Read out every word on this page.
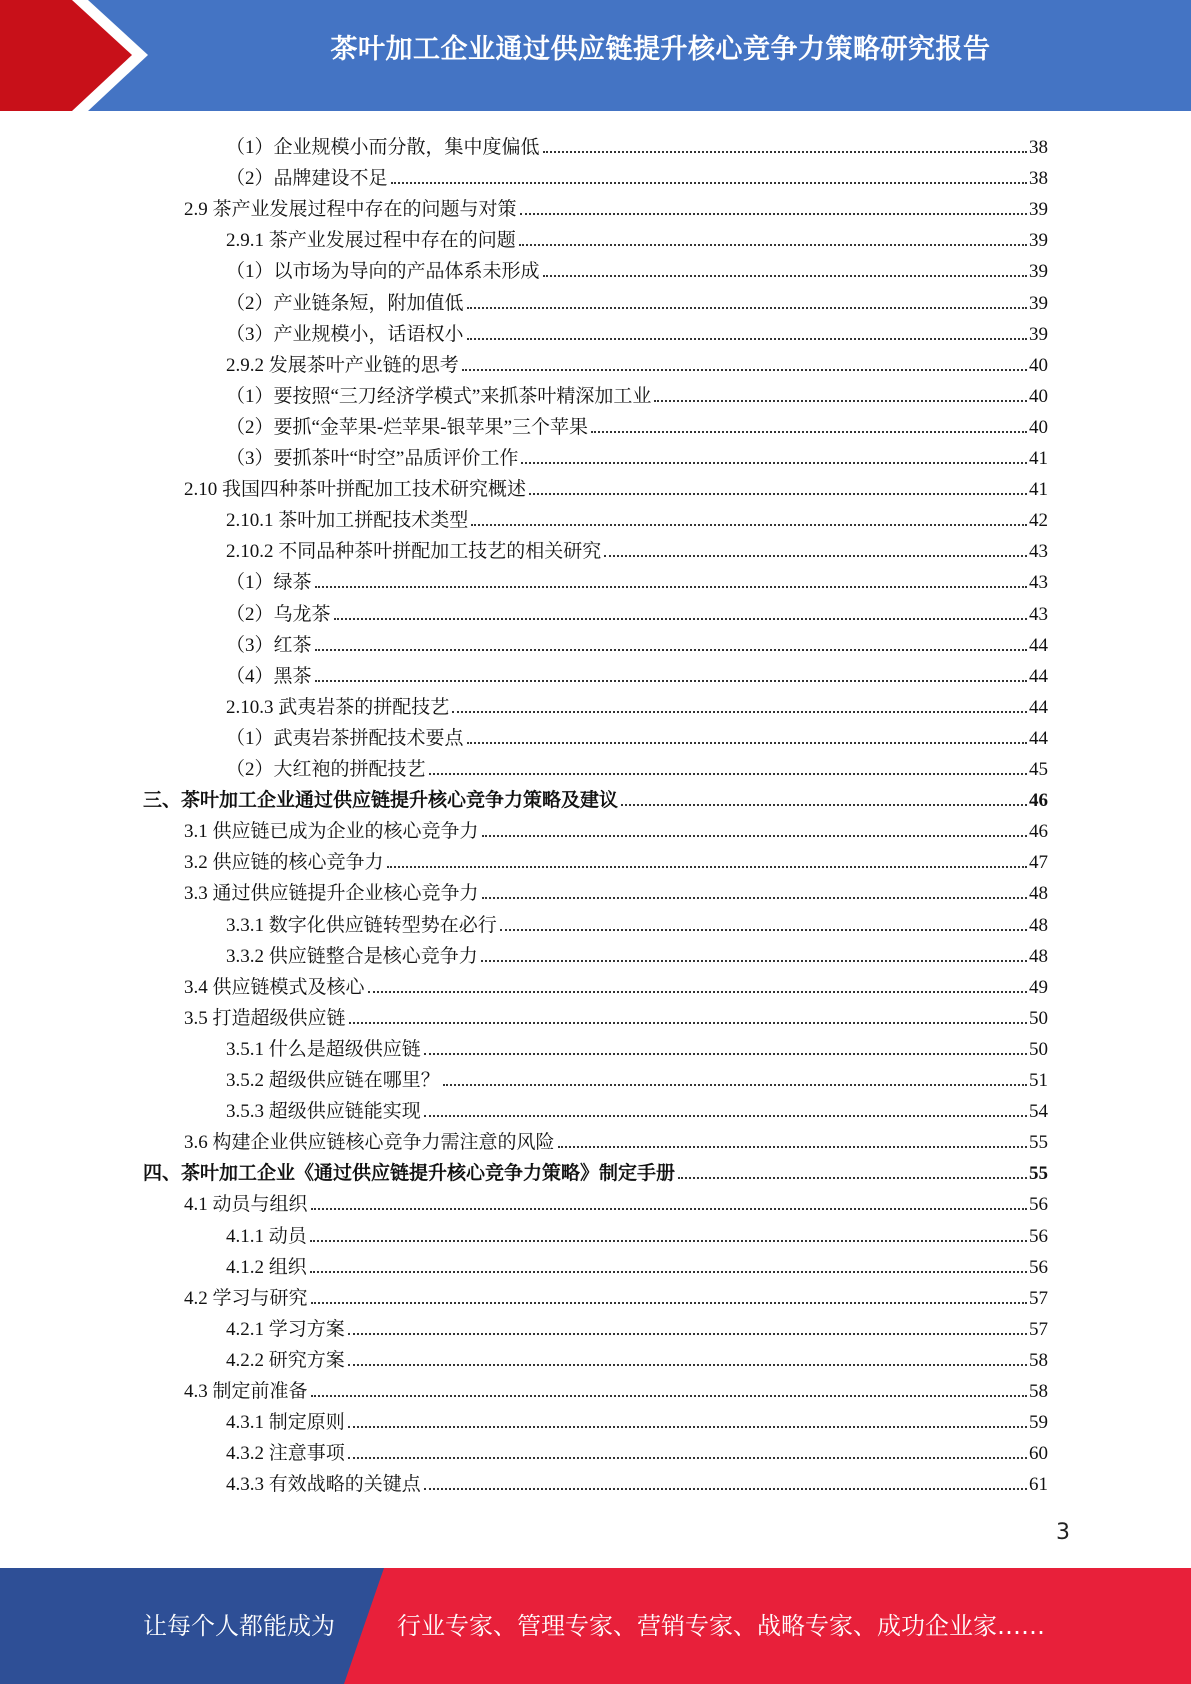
茶叶加工企业通过供应链提升核心竞争力策略研究报告
（1）企业规模小而分散，集中度偏低	38
（2）品牌建设不足	38
2.9 茶产业发展过程中存在的问题与对策	39
2.9.1 茶产业发展过程中存在的问题	39
（1）以市场为导向的产品体系未形成	39
（2）产业链条短，附加值低	39
（3）产业规模小，话语权小	39
2.9.2 发展茶叶产业链的思考	40
（1）要按照“三刀经济学模式”来抓茶叶精深加工业	40
（2）要抓“金苹果-烂苹果-银苹果”三个苹果	40
（3）要抓茶叶“时空”品质评价工作	41
2.10 我国四种茶叶拼配加工技术研究概述	41
2.10.1 茶叶加工拼配技术类型	42
2.10.2 不同品种茶叶拼配加工技艺的相关研究	43
（1）绿茶	43
（2）乌龙茶	43
（3）红茶	44
（4）黑茶	44
2.10.3 武夷岩茶的拼配技艺	44
（1）武夷岩茶拼配技术要点	44
（2）大红袍的拼配技艺	45
三、茶叶加工企业通过供应链提升核心竞争力策略及建议	46
3.1 供应链已成为企业的核心竞争力	46
3.2 供应链的核心竞争力	47
3.3 通过供应链提升企业核心竞争力	48
3.3.1 数字化供应链转型势在必行	48
3.3.2 供应链整合是核心竞争力	48
3.4 供应链模式及核心	49
3.5 打造超级供应链	50
3.5.1 什么是超级供应链	50
3.5.2 超级供应链在哪里？	51
3.5.3 超级供应链能实现	54
3.6 构建企业供应链核心竞争力需注意的风险	55
四、茶叶加工企业《通过供应链提升核心竞争力策略》制定手册	55
4.1 动员与组织	56
4.1.1 动员	56
4.1.2 组织	56
4.2 学习与研究	57
4.2.1 学习方案	57
4.2.2 研究方案	58
4.3 制定前准备	58
4.3.1 制定原则	59
4.3.2 注意事项	60
4.3.3 有效战略的关键点	61
3
让每个人都能成为	行业专家、管理专家、营销专家、战略专家、成功企业家……
